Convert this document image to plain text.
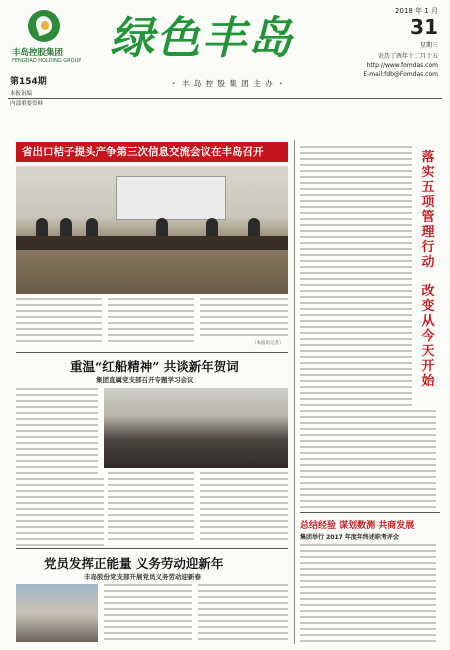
丰岛控股集团
FENGDAO HOLDING GROUP 绿色丰岛
2018 年 1 月
31
星期三
农历丁酉年十二月十五
http://www.fomdas.com
E-mail:fdb@Fomdas.com
第154期
本报讯编
内部重要资料
・ 丰 岛 控 股 集 团 主 办 ・
省出口桔子提头产争第三次信息交流会议在丰岛召开
（本报讯记者）
重温“红船精神” 共谈新年贺词
集团直属党支部召开专题学习会议
党员发挥正能量 义务劳动迎新年
丰岛股份党支部开展党员义务劳动迎新春
落
实
五
项
管
理
行
动
改
变
从
今
天
开
始
总结经验 谋划数测 共商发展
集团举行 2017 年度年终述职考评会
